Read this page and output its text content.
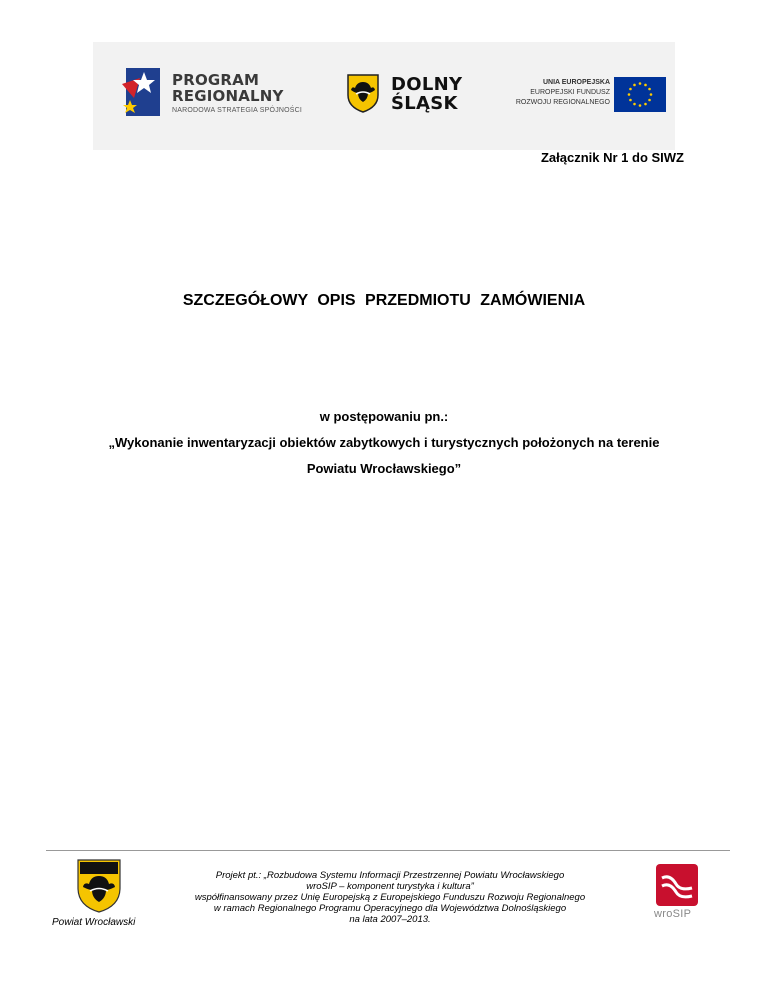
PROGRAM
REGIONALNY
NARODOWA STRATEGIA SPÓJNOŚCI
DOLNY
ŚLĄSK
UNIA EUROPEJSKA
EUROPEJSKI FUNDUSZ
ROZWOJU REGIONALNEGO
Załącznik Nr 1 do SIWZ
SZCZEGÓŁOWY OPIS PRZEDMIOTU ZAMÓWIENIA
w postępowaniu pn.:
„Wykonanie inwentaryzacji obiektów zabytkowych i turystycznych położonych na terenie
Powiatu Wrocławskiego”
Powiat Wrocławski
Projekt pt.: „Rozbudowa Systemu Informacji Przestrzennej Powiatu Wrocławskiego
wroSIP – komponent turystyka i kultura”
współfinansowany przez Unię Europejską z Europejskiego Funduszu Rozwoju Regionalnego
w ramach Regionalnego Programu Operacyjnego dla Województwa Dolnośląskiego
na lata 2007–2013.	wroSIP
